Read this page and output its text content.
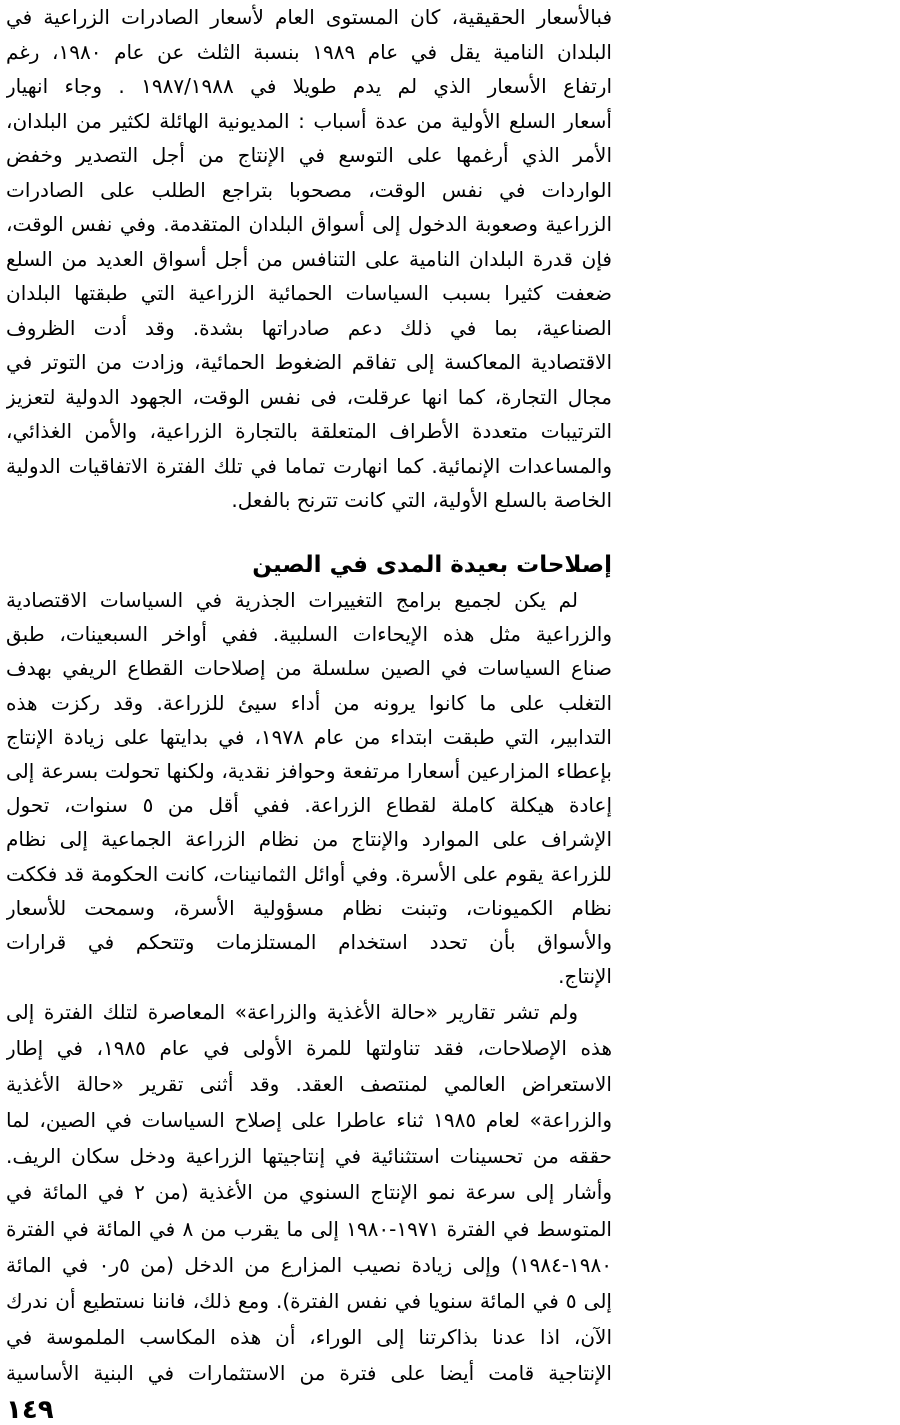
فبالأسعار الحقيقية، كان المستوى العام لأسعار الصادرات الزراعية في
البلدان النامية يقل في عام ١٩٨٩ بنسبة الثلث عن عام ١٩٨٠، رغم
ارتفاع الأسعار الذي لم يدم طويلا في ١٩٨٧/١٩٨٨ . وجاء انهيار
أسعار السلع الأولية من عدة أسباب : المديونية الهائلة لكثير من البلدان،
الأمر الذي أرغمها على التوسع في الإنتاج من أجل التصدير وخفض
الواردات في نفس الوقت، مصحوبا بتراجع الطلب على الصادرات
الزراعية وصعوبة الدخول إلى أسواق البلدان المتقدمة. وفي نفس الوقت،
فإن قدرة البلدان النامية على التنافس من أجل أسواق العديد من السلع
ضعفت كثيرا بسبب السياسات الحمائية الزراعية التي طبقتها البلدان
الصناعية، بما في ذلك دعم صادراتها بشدة. وقد أدت الظروف
الاقتصادية المعاكسة إلى تفاقم الضغوط الحمائية، وزادت من التوتر في
مجال التجارة، كما انها عرقلت، فى نفس الوقت، الجهود الدولية لتعزيز
الترتيبات متعددة الأطراف المتعلقة بالتجارة الزراعية، والأمن الغذائي،
والمساعدات الإنمائية. كما انهارت تماما في تلك الفترة الاتفاقيات الدولية
الخاصة بالسلع الأولية، التي كانت تترنح بالفعل.
إصلاحات بعيدة المدى في الصين
لم يكن لجميع برامج التغييرات الجذرية في السياسات الاقتصادية
والزراعية مثل هذه الإيحاءات السلبية. ففي أواخر السبعينات، طبق
صناع السياسات في الصين سلسلة من إصلاحات القطاع الريفي بهدف
التغلب على ما كانوا يرونه من أداء سيئ للزراعة. وقد ركزت هذه
التدابير، التي طبقت ابتداء من عام ١٩٧٨، في بدايتها على زيادة الإنتاج
بإعطاء المزارعين أسعارا مرتفعة وحوافز نقدية، ولكنها تحولت بسرعة إلى
إعادة هيكلة كاملة لقطاع الزراعة. ففي أقل من ٥ سنوات، تحول
الإشراف على الموارد والإنتاج من نظام الزراعة الجماعية إلى نظام
للزراعة يقوم على الأسرة. وفي أوائل الثمانينات، كانت الحكومة قد فككت
نظام الكميونات، وتبنت نظام مسؤولية الأسرة، وسمحت للأسعار
والأسواق بأن تحدد استخدام المستلزمات وتتحكم في قرارات
الإنتاج.
ولم تشر تقارير «حالة الأغذية والزراعة» المعاصرة لتلك الفترة إلى
هذه الإصلاحات، فقد تناولتها للمرة الأولى في عام ١٩٨٥، في إطار
الاستعراض العالمي لمنتصف العقد. وقد أثنى تقرير «حالة الأغذية
والزراعة» لعام ١٩٨٥ ثناء عاطرا على إصلاح السياسات في الصين، لما
حققه من تحسينات استثنائية في إنتاجيتها الزراعية ودخل سكان الريف.
وأشار إلى سرعة نمو الإنتاج السنوي من الأغذية (من ٢ في المائة في
المتوسط في الفترة ١٩٧١-١٩٨٠ إلى ما يقرب من ٨ في المائة في الفترة
١٩٨٠-١٩٨٤) وإلى زيادة نصيب المزارع من الدخل (من ٥ر٠ في المائة
إلى ٥ في المائة سنويا في نفس الفترة). ومع ذلك، فاننا نستطيع أن ندرك
الآن، اذا عدنا بذاكرتنا إلى الوراء، أن هذه المكاسب الملموسة في
الإنتاجية قامت أيضا على فترة من الاستثمارات في البنية الأساسية
١٤٩
